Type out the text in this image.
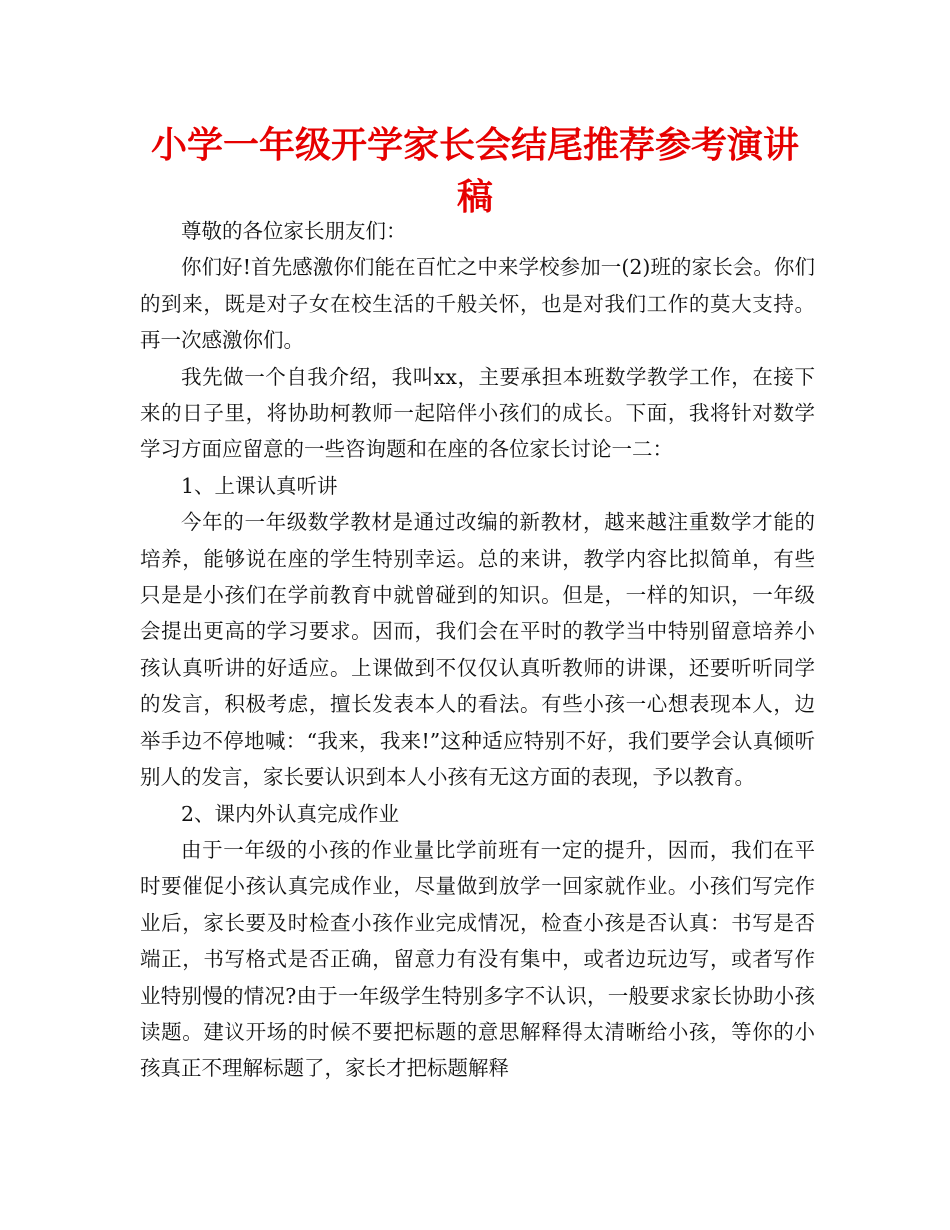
小学一年级开学家长会结尾推荐参考演讲稿

尊敬的各位家长朋友们：

你们好!首先感激你们能在百忙之中来学校参加一(2)班的家长会。你们的到来，既是对子女在校生活的千般关怀，也是对我们工作的莫大支持。再一次感激你们。

我先做一个自我介绍，我叫xx，主要承担本班数学教学工作，在接下来的日子里，将协助柯教师一起陪伴小孩们的成长。下面，我将针对数学学习方面应留意的一些咨询题和在座的各位家长讨论一二：

1、上课认真听讲

今年的一年级数学教材是通过改编的新教材，越来越注重数学才能的培养，能够说在座的学生特别幸运。总的来讲，教学内容比拟简单，有些只是是小孩们在学前教育中就曾碰到的知识。但是，一样的知识，一年级会提出更高的学习要求。因而，我们会在平时的教学当中特别留意培养小孩认真听讲的好适应。上课做到不仅仅认真听教师的讲课，还要听听同学的发言，积极考虑，擅长发表本人的看法。有些小孩一心想表现本人，边举手边不停地喊：“我来，我来!”这种适应特别不好，我们要学会认真倾听别人的发言，家长要认识到本人小孩有无这方面的表现，予以教育。

2、课内外认真完成作业

由于一年级的小孩的作业量比学前班有一定的提升，因而，我们在平时要催促小孩认真完成作业，尽量做到放学一回家就作业。小孩们写完作业后，家长要及时检查小孩作业完成情况，检查小孩是否认真：书写是否端正，书写格式是否正确，留意力有没有集中，或者边玩边写，或者写作业特别慢的情况?由于一年级学生特别多字不认识，一般要求家长协助小孩读题。建议开场的时候不要把标题的意思解释得太清晰给小孩，等你的小孩真正不理解标题了，家长才把标题解释
